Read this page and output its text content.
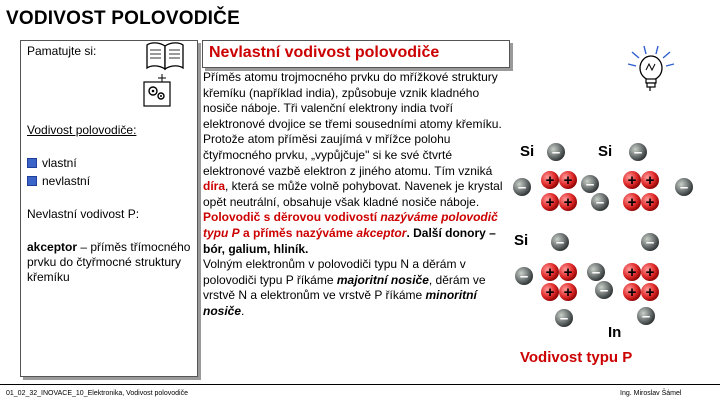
VODIVOST POLOVODIČE
Pamatujte si:
Vodivost polovodiče:
vlastní
nevlastní
Nevlastní vodivost P:
akceptor – příměs třímocného prvku do čtyřmocné struktury křemíku
Nevlastní vodivost polovodiče
Příměs atomu trojmocného prvku do mřížkové struktury křemíku (například india), způsobuje vznik kladného nosiče náboje. Tři valenční elektrony india tvoří elektronové dvojice se třemi sousedními atomy křemíku. Protože atom příměsi zaujímá v mřížce polohu čtyřmocného prvku, „vypůjčuje" si ke své čtvrté elektronové vazbě elektron z jiného atomu. Tím vzniká díra, která se může volně pohybovat. Navenek je krystal opět neutrální, obsahuje však kladné nosiče náboje. Polovodič s dĕrovou vodivostí nazýváme polovodič typu P a příměs nazýváme akceptor. Další donory – bór, galium, hliník.
Volným elektronům v polovodiči typu N a děrám v polovodiči typu P říkáme majoritní nosiče, děrám ve vrstvě N a elektronům ve vrstvě P říkáme minoritní nosiče.
Si	Si
Si
In
–	–
– + + – + + –
+ + – + +
–	–
– + + – + +
+ + – + +
–	–
Vodivost typu P
01_02_32_INOVACE_10_Elektronika, Vodivost polovodiče	Ing. Miroslav Šámel
